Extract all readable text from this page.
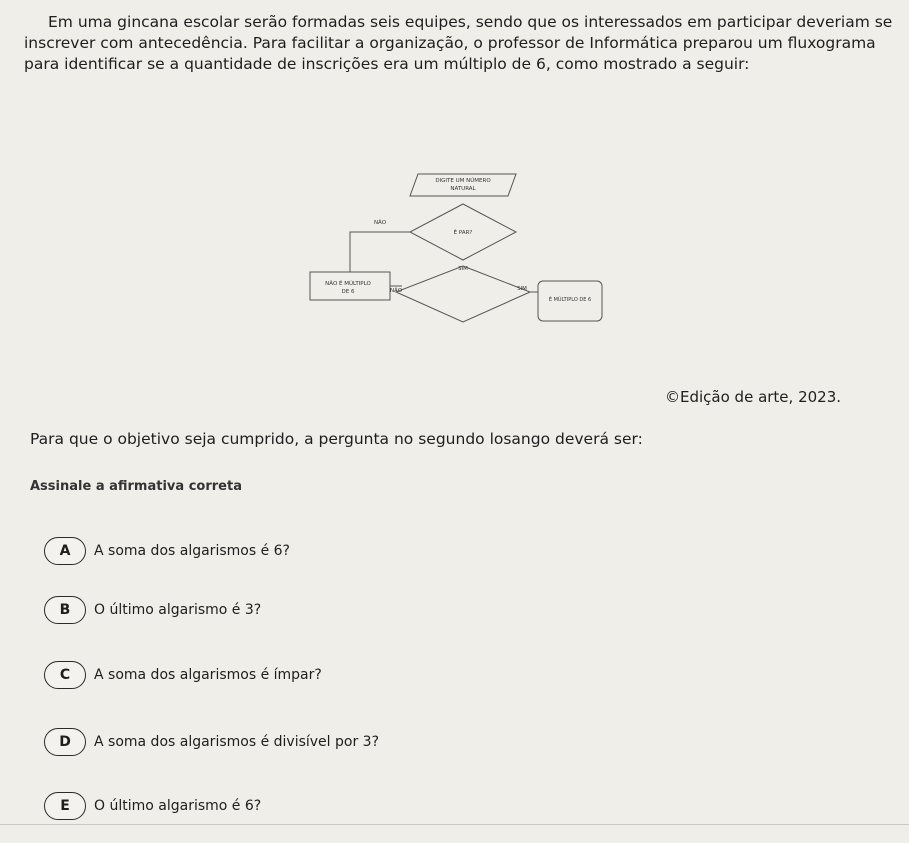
Em uma gincana escolar serão formadas seis equipes, sendo que os interessados em participar deveriam se inscrever com antecedência. Para facilitar a organização, o professor de Informática preparou um fluxograma para identificar se a quantidade de inscrições era um múltiplo de 6, como mostrado a seguir:

DIGITE UM NÚMERO
NATURAL
É PAR?
NÃO
SIM
NÃO É MÚLTIPLO
DE 6	NÃO	SIM
É MÚLTIPLO DE 6
©Edição de arte, 2023.
Para que o objetivo seja cumprido, a pergunta no segundo losango deverá ser:
Assinale a afirmativa correta
A	A soma dos algarismos é 6?
B	O último algarismo é 3?
C	A soma dos algarismos é ímpar?
D	A soma dos algarismos é divisível por 3?
E	O último algarismo é 6?
